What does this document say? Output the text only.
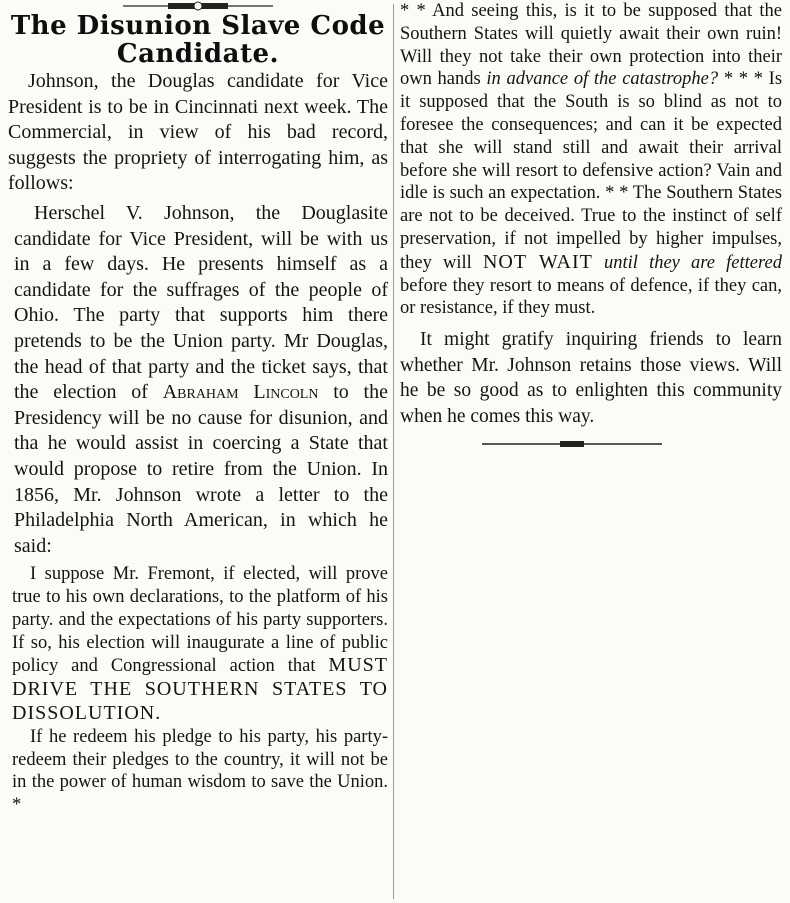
The Disunion Slave Code
Candidate.

Johnson, the Douglas candidate for Vice President is to be in Cincinnati next week. The Commercial, in view of his bad record, suggests the propriety of interrogating him, as follows:

Herschel V. Johnson, the Douglasite candidate for Vice President, will be with us in a few days. He presents himself as a candidate for the suffrages of the people of Ohio. The party that supports him there pretends to be the Union party. Mr Douglas, the head of that party and the ticket says, that the election of Abraham Lincoln to the Presidency will be no cause for disunion, and tha he would assist in coercing a State that would propose to retire from the Union. In 1856, Mr. Johnson wrote a letter to the Philadelphia North American, in which he said:

I suppose Mr. Fremont, if elected, will prove true to his own declarations, to the platform of his party. and the expectations of his party supporters. If so, his election will inaugurate a line of public policy and Congressional action that MUST DRIVE THE SOUTHERN STATES TO DISSOLUTION.

If he redeem his pledge to his party, his party-redeem their pledges to the country, it will not be in the power of human wisdom to save the Union. *

* * And seeing this, is it to be supposed that the Southern States will quietly await their own ruin! Will they not take their own protection into their own hands in advance of the catastrophe? * * * Is it supposed that the South is so blind as not to foresee the consequences; and can it be expected that she will stand still and await their arrival before she will resort to defensive action? Vain and idle is such an expectation. * * The Southern States are not to be deceived. True to the instinct of self preservation, if not impelled by higher impulses, they will NOT WAIT until they are fettered before they resort to means of defence, if they can, or resistance, if they must.

It might gratify inquiring friends to learn whether Mr. Johnson retains those views. Will he be so good as to enlighten this community when he comes this way.
